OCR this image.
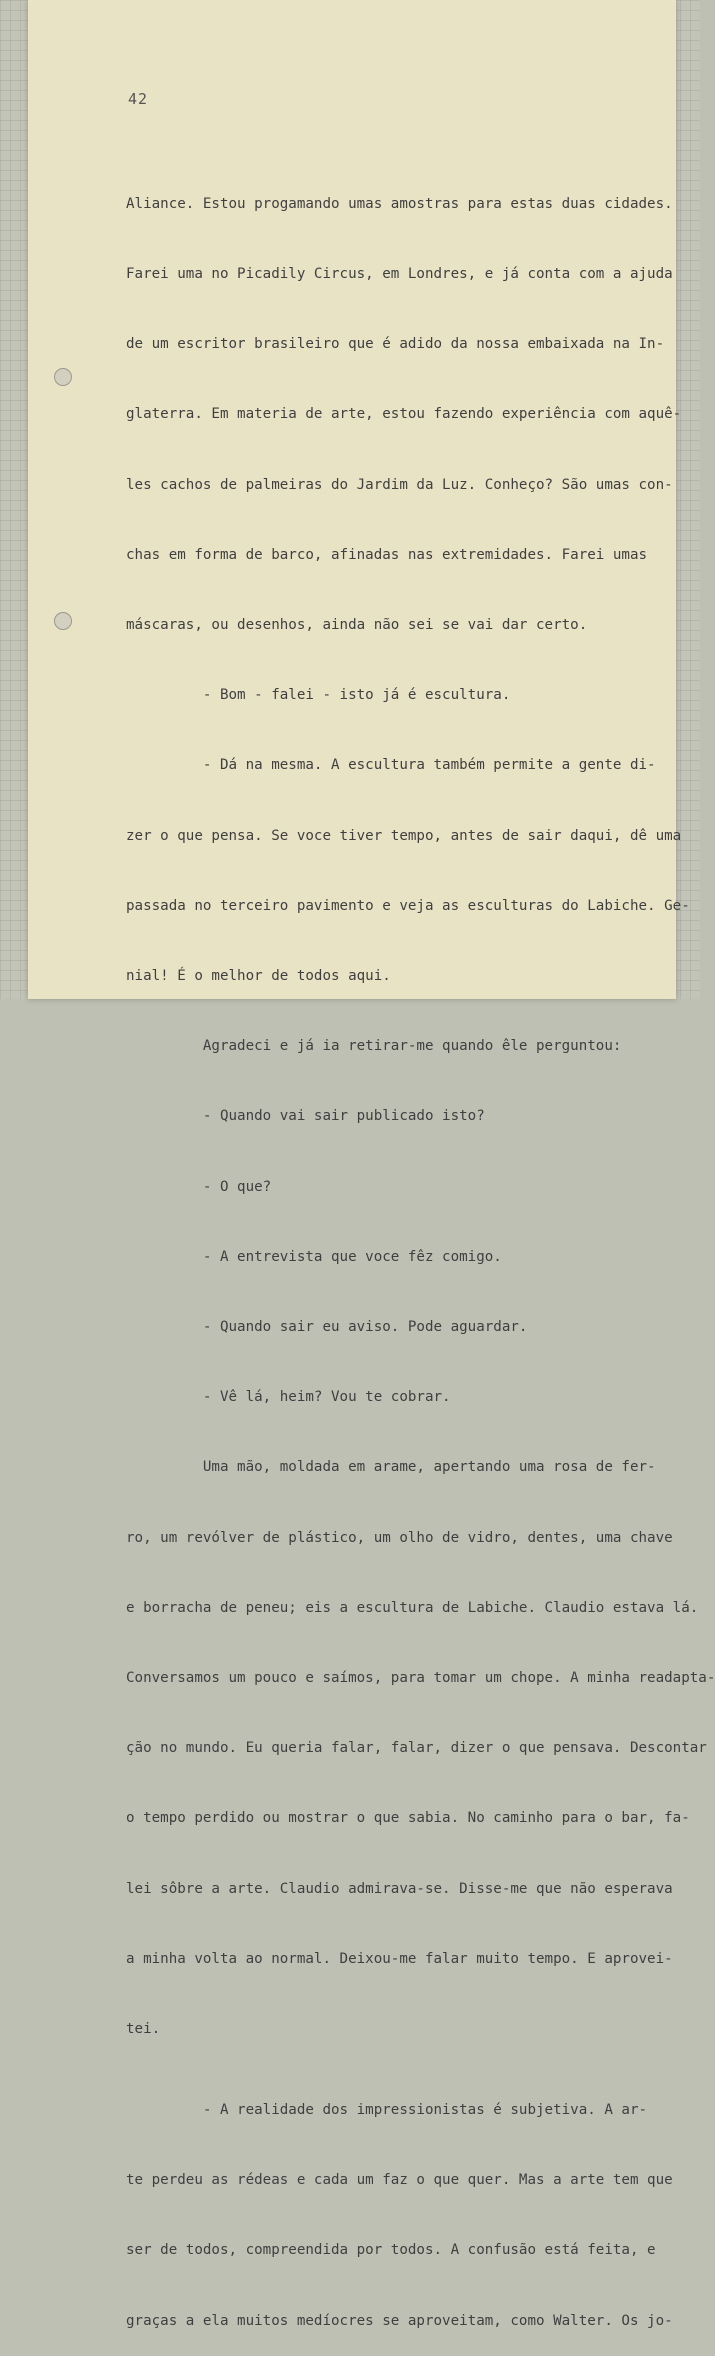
42

Aliance. Estou progamando umas amostras para estas duas cidades.

Farei uma no Picadily Circus, em Londres, e já conta com a ajuda

de um escritor brasileiro que é adido da nossa embaixada na In-

glaterra. Em materia de arte, estou fazendo experiência com aquê-

les cachos de palmeiras do Jardim da Luz. Conheço? São umas con-

chas em forma de barco, afinadas nas extremidades. Farei umas

máscaras, ou desenhos, ainda não sei se vai dar certo.

- Bom - falei - isto já é escultura.

- Dá na mesma. A escultura também permite a gente di-

zer o que pensa. Se voce tiver tempo, antes de sair daqui, dê uma

passada no terceiro pavimento e veja as esculturas do Labiche. Ge-

nial! É o melhor de todos aqui.

Agradeci e já ia retirar-me quando êle perguntou:

- Quando vai sair publicado isto?

- O que?

- A entrevista que voce fêz comigo.

- Quando sair eu aviso. Pode aguardar.

- Vê lá, heim? Vou te cobrar.

Uma mão, moldada em arame, apertando uma rosa de fer-

ro, um revólver de plástico, um olho de vidro, dentes, uma chave

e borracha de peneu; eis a escultura de Labiche. Claudio estava lá.

Conversamos um pouco e saímos, para tomar um chope. A minha readapta-

ção no mundo. Eu queria falar, falar, dizer o que pensava. Descontar

o tempo perdido ou mostrar o que sabia. No caminho para o bar, fa-

lei sôbre a arte. Claudio admirava-se. Disse-me que não esperava

a minha volta ao normal. Deixou-me falar muito tempo. E aprovei-

tei.

- A realidade dos impressionistas é subjetiva. A ar-

te perdeu as rédeas e cada um faz o que quer. Mas a arte tem que

ser de todos, compreendida por todos. A confusão está feita, e

graças a ela muitos medíocres se aproveitam, como Walter. Os jo-
